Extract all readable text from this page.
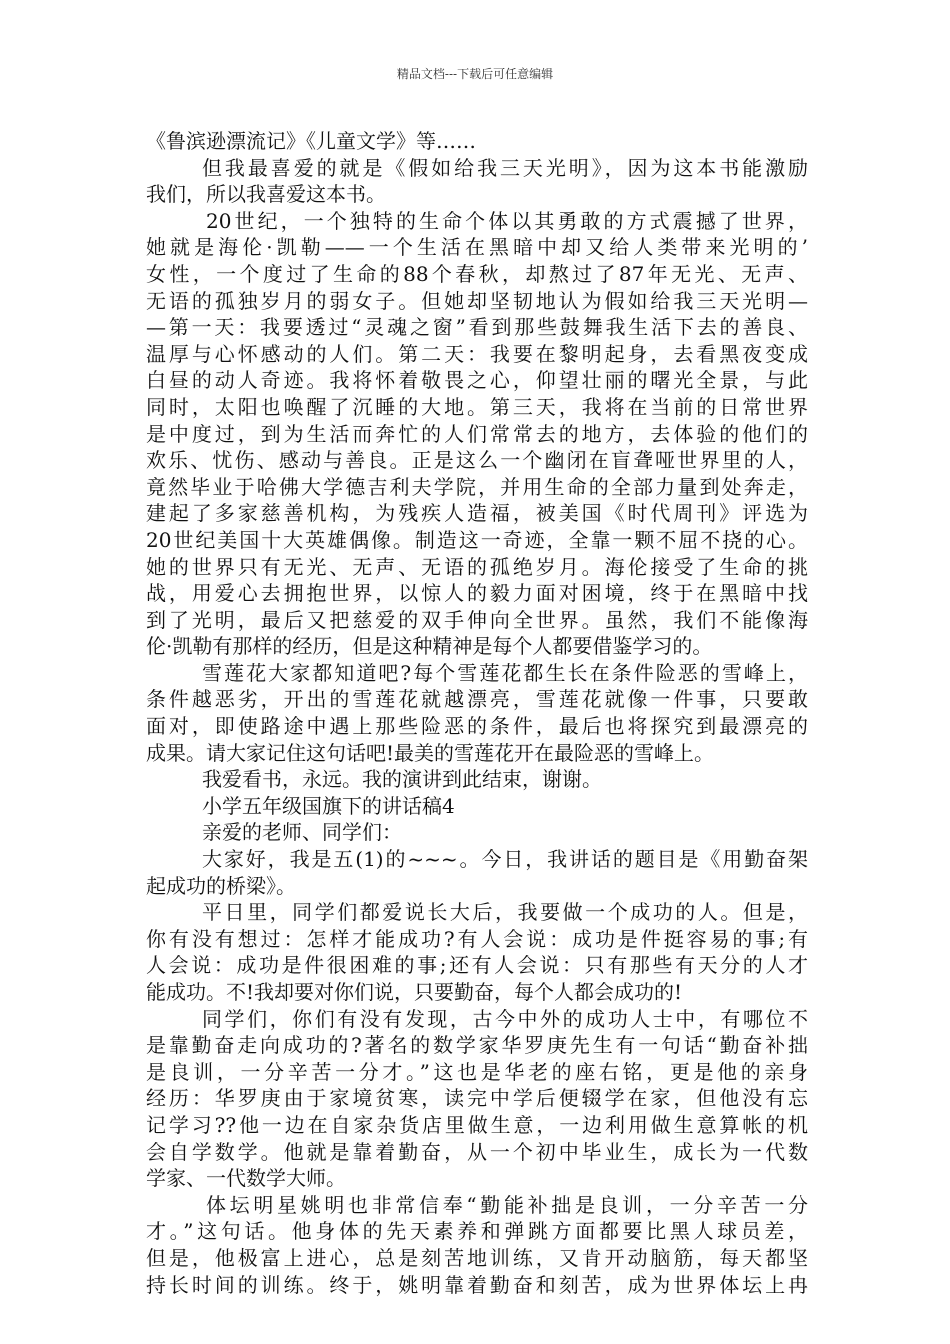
精品文档---下载后可任意编辑
《鲁滨逊漂流记》《儿童文学》等……
但我最喜爱的就是《假如给我三天光明》，因为这本书能激励
我们，所以我喜爱这本书。
20世纪，一个独特的生命个体以其勇敢的方式震撼了世界，
她就是海伦·凯勒——一个生活在黑暗中却又给人类带来光明的’
女性，一个度过了生命的88个春秋，却熬过了87年无光、无声、
无语的孤独岁月的弱女子。但她却坚韧地认为假如给我三天光明—
—第一天：我要透过“灵魂之窗”看到那些鼓舞我生活下去的善良、
温厚与心怀感动的人们。第二天：我要在黎明起身，去看黑夜变成
白昼的动人奇迹。我将怀着敬畏之心，仰望壮丽的曙光全景，与此
同时，太阳也唤醒了沉睡的大地。第三天，我将在当前的日常世界
是中度过，到为生活而奔忙的人们常常去的地方，去体验的他们的
欢乐、忧伤、感动与善良。正是这么一个幽闭在盲聋哑世界里的人，
竟然毕业于哈佛大学德吉利夫学院，并用生命的全部力量到处奔走，
建起了多家慈善机构，为残疾人造福，被美国《时代周刊》评选为
20世纪美国十大英雄偶像。制造这一奇迹，全靠一颗不屈不挠的心。
她的世界只有无光、无声、无语的孤绝岁月。海伦接受了生命的挑
战，用爱心去拥抱世界，以惊人的毅力面对困境，终于在黑暗中找
到了光明，最后又把慈爱的双手伸向全世界。虽然，我们不能像海
伦·凯勒有那样的经历，但是这种精神是每个人都要借鉴学习的。
雪莲花大家都知道吧?每个雪莲花都生长在条件险恶的雪峰上，
条件越恶劣，开出的雪莲花就越漂亮，雪莲花就像一件事，只要敢
面对，即使路途中遇上那些险恶的条件，最后也将探究到最漂亮的
成果。请大家记住这句话吧!最美的雪莲花开在最险恶的雪峰上。
我爱看书，永远。我的演讲到此结束，谢谢。
小学五年级国旗下的讲话稿4
亲爱的老师、同学们：
大家好，我是五(1)的~~~。今日，我讲话的题目是《用勤奋架
起成功的桥梁》。
平日里，同学们都爱说长大后，我要做一个成功的人。但是，
你有没有想过：怎样才能成功?有人会说：成功是件挺容易的事;有
人会说：成功是件很困难的事;还有人会说：只有那些有天分的人才
能成功。不!我却要对你们说，只要勤奋，每个人都会成功的!
同学们，你们有没有发现，古今中外的成功人士中，有哪位不
是靠勤奋走向成功的?著名的数学家华罗庚先生有一句话“勤奋补拙
是良训，一分辛苦一分才。”这也是华老的座右铭，更是他的亲身
经历：华罗庚由于家境贫寒，读完中学后便辍学在家，但他没有忘
记学习??他一边在自家杂货店里做生意，一边利用做生意算帐的机
会自学数学。他就是靠着勤奋，从一个初中毕业生，成长为一代数
学家、一代数学大师。
体坛明星姚明也非常信奉“勤能补拙是良训，一分辛苦一分
才。”这句话。他身体的先天素养和弹跳方面都要比黑人球员差，
但是，他极富上进心，总是刻苦地训练，又肯开动脑筋，每天都坚
持长时间的训练。终于，姚明靠着勤奋和刻苦，成为世界体坛上冉
